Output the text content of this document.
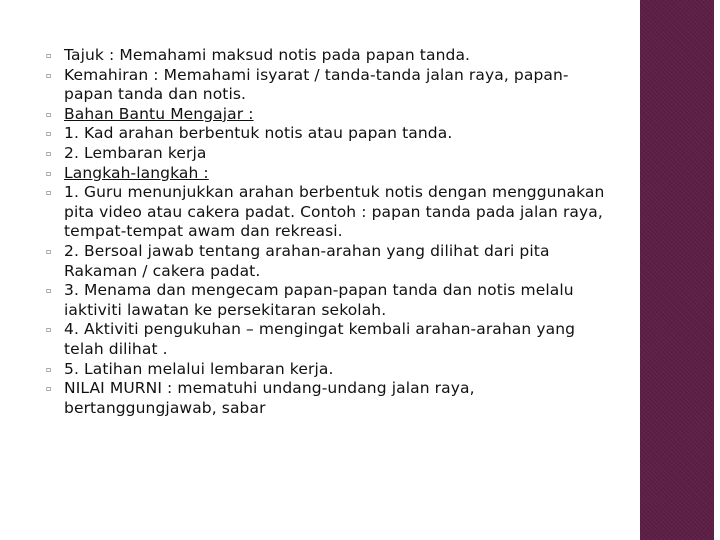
▫ Tajuk : Memahami maksud notis pada papan tanda.
▫ Kemahiran : Memahami isyarat / tanda-tanda jalan raya, papan-papan tanda dan notis.
▫ Bahan Bantu Mengajar :
▫ 1. Kad arahan berbentuk notis atau papan tanda.
▫ 2. Lembaran kerja
▫ Langkah-langkah :
▫ 1. Guru menunjukkan arahan berbentuk notis dengan menggunakan pita video atau cakera padat. Contoh : papan tanda pada jalan raya, tempat-tempat awam dan rekreasi.
▫ 2. Bersoal jawab tentang arahan-arahan yang dilihat dari pita Rakaman / cakera padat.
▫ 3. Menama dan mengecam papan-papan tanda dan notis melalu iaktiviti lawatan ke persekitaran sekolah.
▫ 4. Aktiviti pengukuhan – mengingat kembali arahan-arahan yang telah dilihat .
▫ 5. Latihan melalui lembaran kerja.
▫ NILAI MURNI : mematuhi undang-undang jalan raya, bertanggungjawab, sabar
